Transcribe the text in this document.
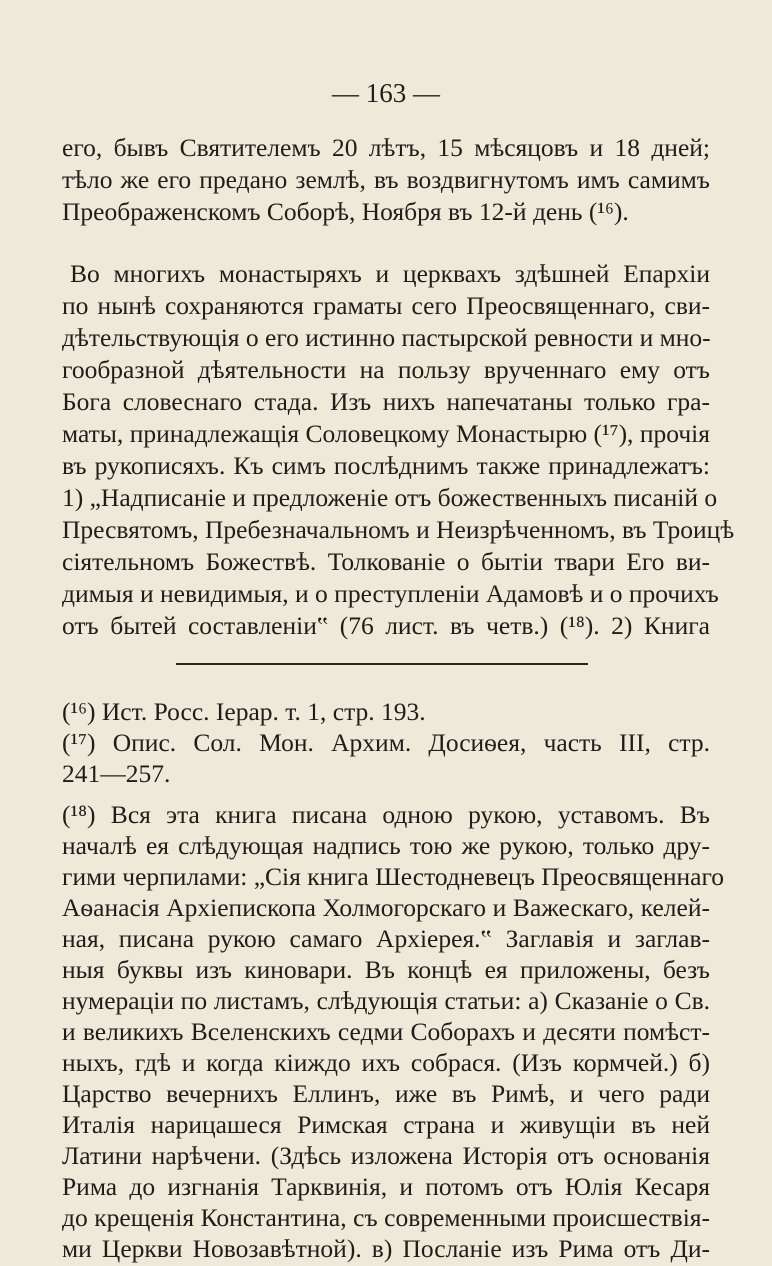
— 163 —
его, бывъ Святителемъ 20 лѣтъ, 15 мѣсяцовъ и 18 дней;
тѣло же его предано землѣ, въ воздвигнутомъ имъ самимъ
Преображенскомъ Соборѣ, Ноября въ 12-й день (¹⁶).
Во многихъ монастыряхъ и церквахъ здѣшней Епархіи
по нынѣ сохраняются граматы сего Преосвященнаго, сви-
дѣтельствующія о его истинно пастырской ревности и мно-
гообразной дѣятельности на пользу врученнаго ему отъ
Бога словеснаго стада. Изъ нихъ напечатаны только гра-
маты, принадлежащія Соловецкому Монастырю (¹⁷), прочія
въ рукописяхъ. Къ симъ послѣднимъ также принадлежатъ:
1) „Надписаніе и предложеніе отъ божественныхъ писаній о
Пресвятомъ, Пребезначальномъ и Неизрѣченномъ, въ Троицѣ
сіятельномъ Божествѣ. Толкованіе о бытіи твари Его ви-
димыя и невидимыя, и о преступленіи Адамовѣ и о прочихъ
отъ бытей составленіи‟ (76 лист. въ четв.) (¹⁸). 2) Книга
(¹⁶) Ист. Росс. Іерар. т. 1, стр. 193.
(¹⁷) Опис. Сол. Мон. Архим. Досиѳея, часть III, стр.
241—257.
(¹⁸) Вся эта книга писана одною рукою, уставомъ. Въ
началѣ ея слѣдующая надпись тою же рукою, только дру-
гими черпилами: „Сія книга Шестодневецъ Преосвященнаго
Аѳанасія Архіепископа Холмогорскаго и Важескаго, келей-
ная, писана рукою самаго Архіерея.‟ Заглавія и заглав-
ныя буквы изъ киновари. Въ концѣ ея приложены, безъ
нумераціи по листамъ, слѣдующія статьи: а) Сказаніе о Св.
и великихъ Вселенскихъ седми Соборахъ и десяти помѣст-
ныхъ, гдѣ и когда кіиждо ихъ собрася. (Изъ кормчей.) б)
Царство вечернихъ Еллинъ, иже въ Римѣ, и чего ради
Италія нарицашеся Римская страна и живущіи въ ней
Латини нарѣчени. (Здѣсь изложена Исторія отъ основанія
Рима до изгнанія Тарквинія, и потомъ отъ Юлія Кесаря
до крещенія Константина, съ современными происшествія-
ми Церкви Новозавѣтной). в) Посланіе изъ Рима отъ Ди-
